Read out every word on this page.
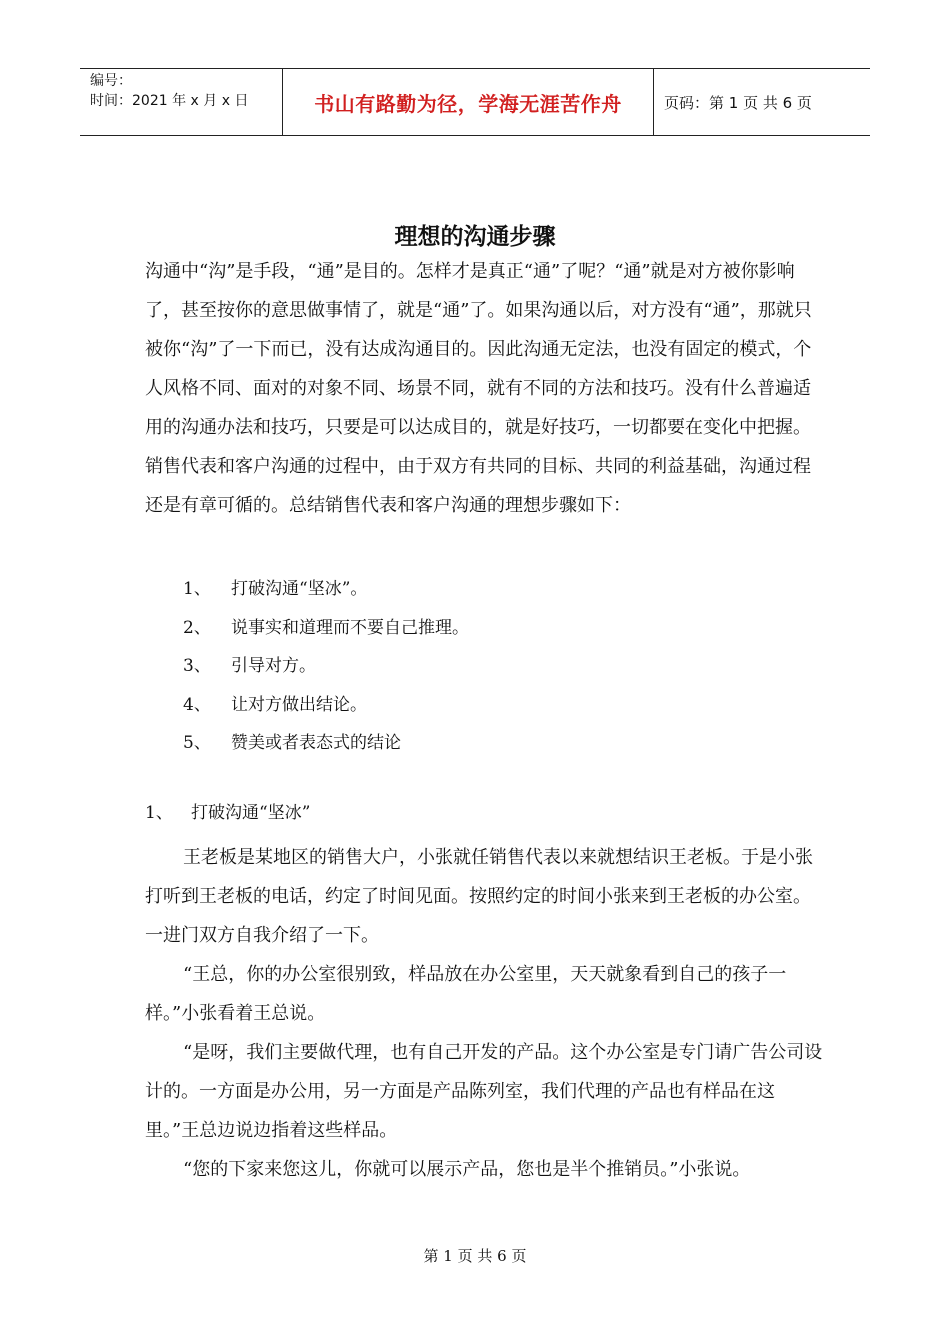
编号：
时间：2021 年 x 月 x 日	书山有路勤为径，学海无涯苦作舟	页码：第 1 页 共 6 页
理想的沟通步骤

沟通中“沟”是手段，“通”是目的。怎样才是真正“通”了呢？“通”就是对方被你影响了，甚至按你的意思做事情了，就是“通”了。如果沟通以后，对方没有“通”，那就只被你“沟”了一下而已，没有达成沟通目的。因此沟通无定法，也没有固定的模式，个人风格不同、面对的对象不同、场景不同，就有不同的方法和技巧。没有什么普遍适用的沟通办法和技巧，只要是可以达成目的，就是好技巧，一切都要在变化中把握。销售代表和客户沟通的过程中，由于双方有共同的目标、共同的利益基础，沟通过程还是有章可循的。总结销售代表和客户沟通的理想步骤如下：

1、	打破沟通“坚冰”。
2、	说事实和道理而不要自己推理。
3、	引导对方。
4、	让对方做出结论。
5、	赞美或者表态式的结论
1、	打破沟通“坚冰”

王老板是某地区的销售大户，小张就任销售代表以来就想结识王老板。于是小张打听到王老板的电话，约定了时间见面。按照约定的时间小张来到王老板的办公室。一进门双方自我介绍了一下。

“王总，你的办公室很别致，样品放在办公室里，天天就象看到自己的孩子一样。”小张看着王总说。

“是呀，我们主要做代理，也有自己开发的产品。这个办公室是专门请广告公司设计的。一方面是办公用，另一方面是产品陈列室，我们代理的产品也有样品在这里。”王总边说边指着这些样品。

“您的下家来您这儿，你就可以展示产品，您也是半个推销员。”小张说。

第 1 页 共 6 页
